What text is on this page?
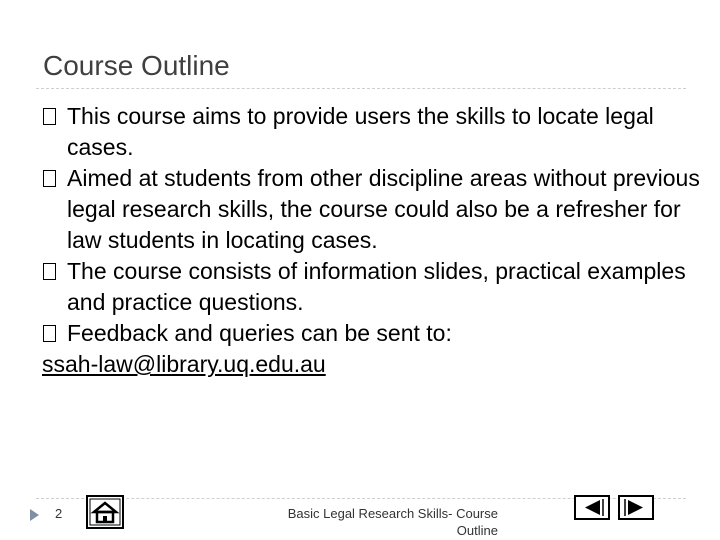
Course Outline
This course aims to provide users the skills to locate legal cases.
Aimed at students from other discipline areas without previous legal research skills, the course could also be a refresher for law students in locating cases.
The course consists of information slides, practical examples and practice questions.
Feedback and queries can be sent to:
ssah-law@library.uq.edu.au
2	Basic Legal Research Skills- Course Outline
